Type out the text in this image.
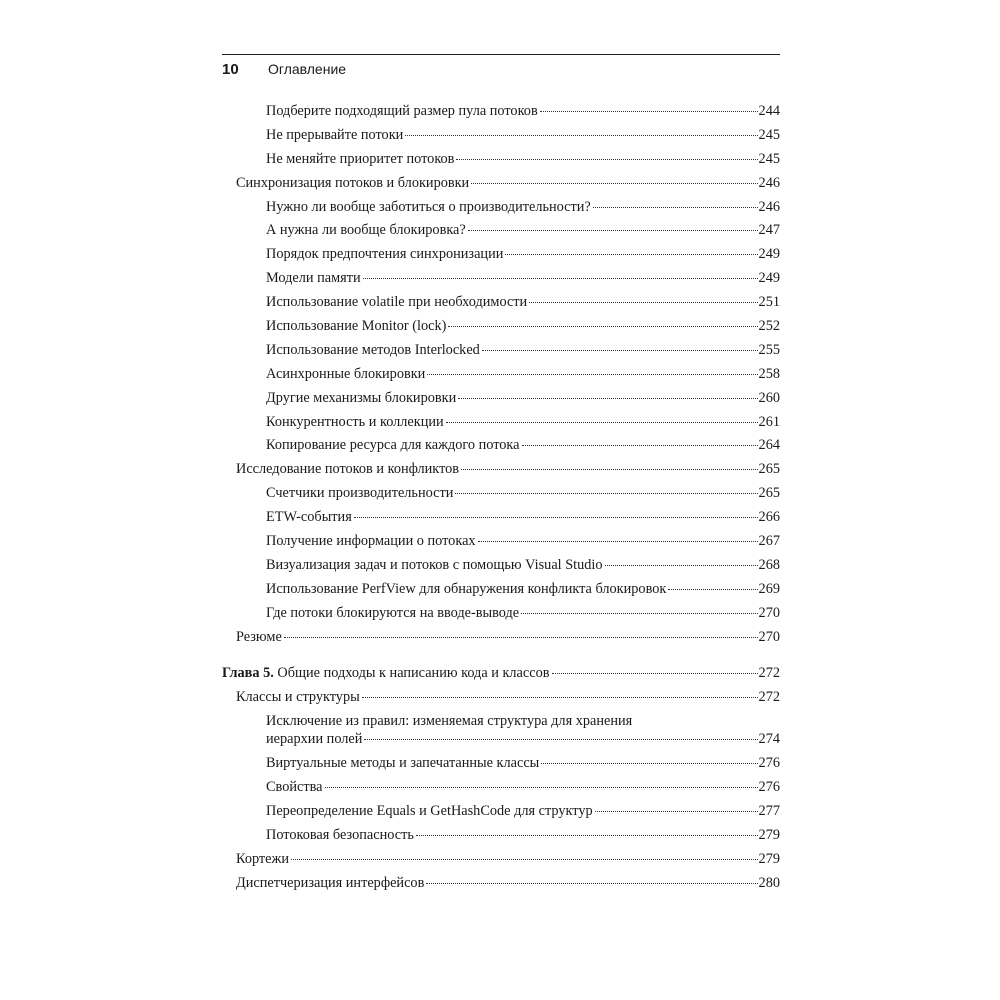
10	Оглавление
Подберите подходящий размер пула потоков	244
Не прерывайте потоки	245
Не меняйте приоритет потоков	245
Синхронизация потоков и блокировки	246
Нужно ли вообще заботиться о производительности?	246
А нужна ли вообще блокировка?	247
Порядок предпочтения синхронизации	249
Модели памяти	249
Использование volatile при необходимости	251
Использование Monitor (lock)	252
Использование методов Interlocked	255
Асинхронные блокировки	258
Другие механизмы блокировки	260
Конкурентность и коллекции	261
Копирование ресурса для каждого потока	264
Исследование потоков и конфликтов	265
Счетчики производительности	265
ETW-события	266
Получение информации о потоках	267
Визуализация задач и потоков с помощью Visual Studio	268
Использование PerfView для обнаружения конфликта блокировок	269
Где потоки блокируются на вводе-выводе	270
Резюме	270
Глава 5. Общие подходы к написанию кода и классов	272
Классы и структуры	272
Исключение из правил: изменяемая структура для хранения
иерархии полей	274
Виртуальные методы и запечатанные классы	276
Свойства	276
Переопределение Equals и GetHashCode для структур	277
Потоковая безопасность	279
Кортежи	279
Диспетчеризация интерфейсов	280
